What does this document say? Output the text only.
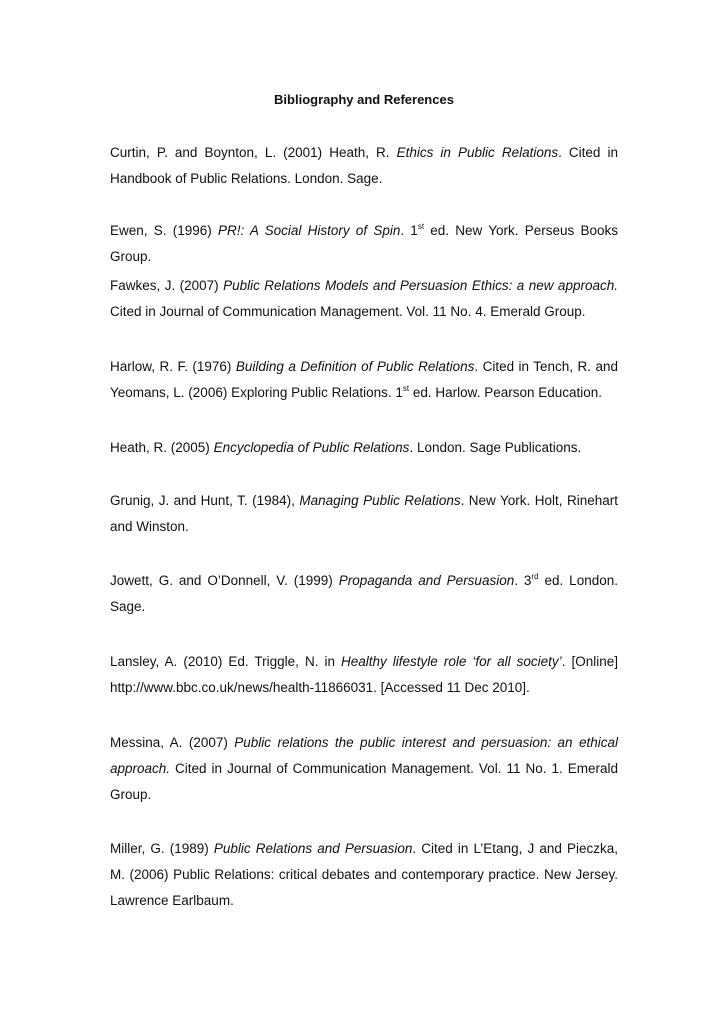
Bibliography and References
Curtin, P. and Boynton, L. (2001) Heath, R. Ethics in Public Relations. Cited in Handbook of Public Relations. London. Sage.
Ewen, S. (1996) PR!: A Social History of Spin. 1st ed. New York. Perseus Books Group.
Fawkes, J. (2007) Public Relations Models and Persuasion Ethics: a new approach. Cited in Journal of Communication Management. Vol. 11 No. 4. Emerald Group.
Harlow, R. F. (1976) Building a Definition of Public Relations. Cited in Tench, R. and Yeomans, L. (2006) Exploring Public Relations. 1st ed. Harlow. Pearson Education.
Heath, R. (2005) Encyclopedia of Public Relations. London. Sage Publications.
Grunig, J. and Hunt, T. (1984), Managing Public Relations. New York. Holt, Rinehart and Winston.
Jowett, G. and O’Donnell, V. (1999) Propaganda and Persuasion. 3rd ed. London. Sage.
Lansley, A. (2010) Ed. Triggle, N. in Healthy lifestyle role ‘for all society’. [Online] http://www.bbc.co.uk/news/health-11866031. [Accessed 11 Dec 2010].
Messina, A. (2007) Public relations the public interest and persuasion: an ethical approach. Cited in Journal of Communication Management. Vol. 11 No. 1. Emerald Group.
Miller, G. (1989) Public Relations and Persuasion. Cited in L’Etang, J and Pieczka, M. (2006) Public Relations: critical debates and contemporary practice. New Jersey. Lawrence Earlbaum.
